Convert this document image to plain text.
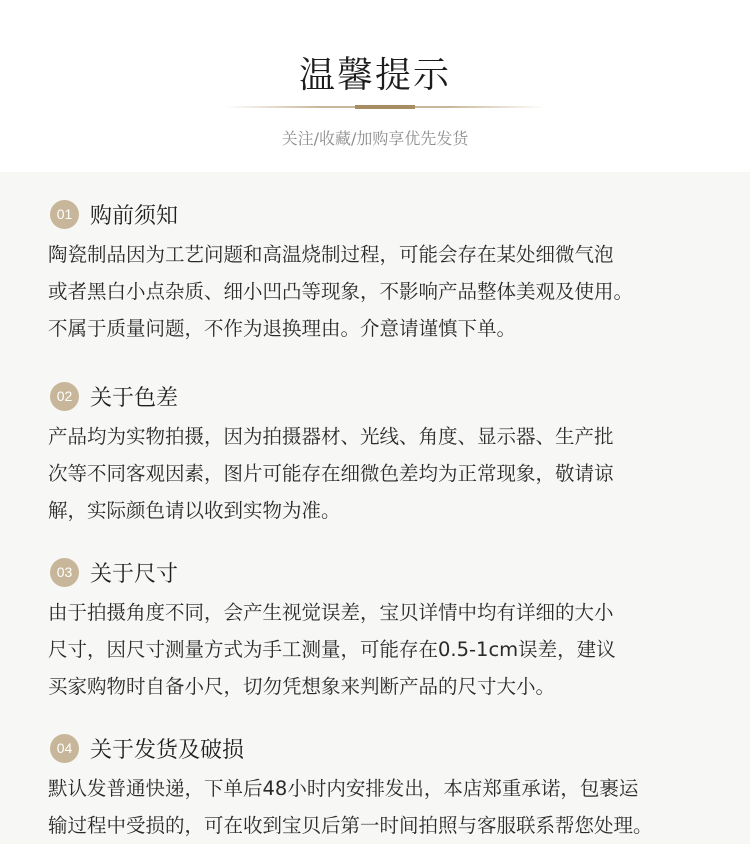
温馨提示
关注/收藏/加购享优先发货
01 购前须知
陶瓷制品因为工艺问题和高温烧制过程，可能会存在某处细微气泡
或者黑白小点杂质、细小凹凸等现象，不影响产品整体美观及使用。
不属于质量问题，不作为退换理由。介意请谨慎下单。
02 关于色差
产品均为实物拍摄，因为拍摄器材、光线、角度、显示器、生产批
次等不同客观因素，图片可能存在细微色差均为正常现象，敬请谅
解，实际颜色请以收到实物为准。
03 关于尺寸
由于拍摄角度不同，会产生视觉误差，宝贝详情中均有详细的大小
尺寸，因尺寸测量方式为手工测量，可能存在0.5-1cm误差，建议
买家购物时自备小尺，切勿凭想象来判断产品的尺寸大小。
04 关于发货及破损
默认发普通快递，下单后48小时内安排发出，本店郑重承诺，包裹运
输过程中受损的，可在收到宝贝后第一时间拍照与客服联系帮您处理。
